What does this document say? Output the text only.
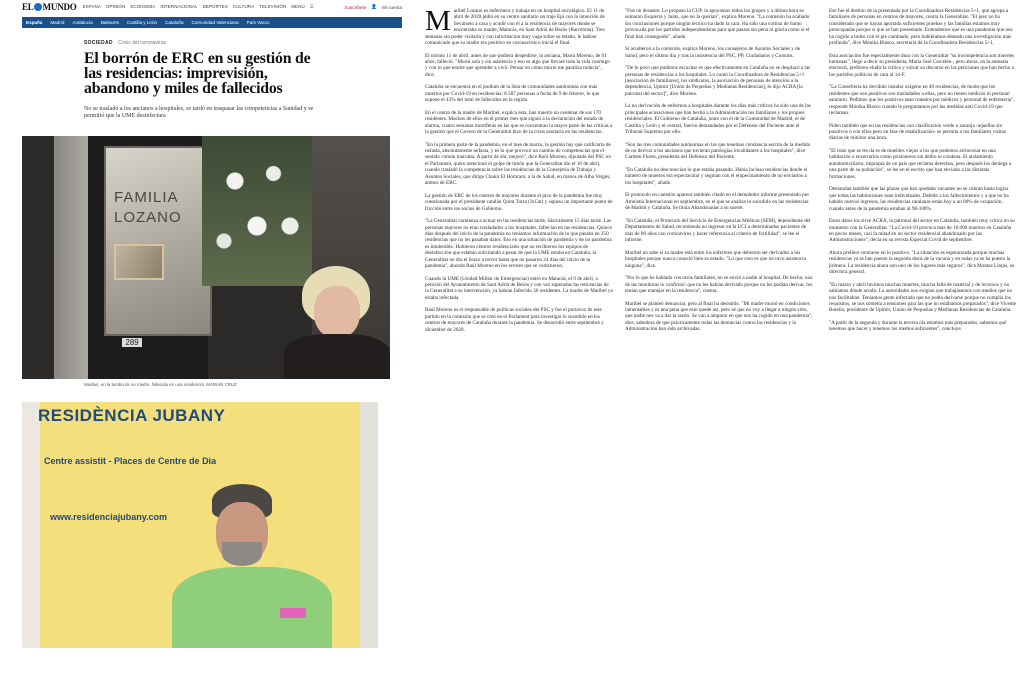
EL MUNDO ESPAÑA OPINIÓN ECONOMÍA INTERNACIONAL DEPORTES CULTURA TELEVISIÓN MENÚ ☰	Suscríbete 👤 Mi cuenta
España Madrid Andalucía Baleares Castilla y León Cataluña Comunidad Valenciana País Vasco
SOCIEDAD Crisis del coronavirus
El borrón de ERC en su gestión de las residencias: imprevisión, abandono y miles de fallecidos

No se trasladó a los ancianos a hospitales, se tardó en traspasar las competencias a Sanidad y se permitió que la UME desinfectara

FAMILIA
LOZANO
289
Maribel, en la tumba de su madre, fallecida en una residencia. MARIAN CRUZ
RESIDÈNCIA JUBANY
Centre assistit - Places de Centre de Dia
www.residenciajubany.com

Maribel Lozano es enfermera y trabaja en un hospital oncológico. El 11 de abril de 2020 pidió en su centro sanitario un traje Epi con la intención de llevárselo a casa y acudir con él a la residencia de mayores donde se encontraba su madre, Matacás, en Sant Adrià de Besòs (Barcelona). Tres semanas sin poder visitarla y con información muy vaga sobre su estado, le habían comunicado que su madre era positivo en coronavirus e iniciá el final.

El mismo 11 de abril, antes de que pudiera despedirse, la anciana, María Moreno, de 91 años, falleció. "Murió sola y sin asistencia y eso es algo que llevaré toda la vida conmigo y con lo que tendré que aprender a vivir. Pensar en cómo murió me paraliza todavía", dice.

Cataluña se encuentra en el podium de la lista de comunidades autónomas con más muertos por Covid-19 en residencias: 8.587 personas a fecha de 9 de febrero, lo que supone el 43% del total de fallecidos en la región.

En el centro de la madre de Maribel, explica ésta, han muerto un centenar de sus 170 residentes. Muchos de ellos en el primer mes que siguió a la declaración del estado de alarma, cuatro semanas mortíferas en las que se concentran la mayor parte de las críticas a la gestión que el Govern de la Generalitat hizo de la crisis sanitaria en las residencias.

"En la primera parte de la pandemia, en el mes de marzo, la gestión hay que calificarla de nefasta, absolutamente nefasta, y es lo que provocó un cambio de competencias que el sentido común marcaba. A partir de ahí, mejoró", dice Raúl Moreno, diputado del PSC en el Parlament, quien mencionó el golpe de timón que la Generalitat dio el 10 de abril, cuando trasladó la competencia sobre las residencias de la Consejería de Trabajo y Asuntos Sociales, que dirige Chakir El Homrani, a la de Salud, en manos de Alba Vergés, ambos de ERC.

La gestión de ERC de los centros de mayores durante el pico de la pandemia fue muy cuestionada por el presidente catalán Quim Torra (JxCat) y supuso un importante punto de fricción entre los socios de Gobierno.

"La Generalitat comienza a actuar en las residencias tarde, básicamente 15 días tarde. Las personas mayores no eran trasladados a los hospitales, fallecían en las residencias. Quince días después del inicio de la pandemia no teníamos información de lo que pasaba en 250 residencias que no les pasaban datos. Eso en una situación de pandemia y de no pandemia es intolerable. Hubieron centros residenciales que no recibieron los equipos de desinfección que estaban solicitando a pesar de que la UME estaba en Cataluña, la Generalitat no dio el brazo a torcer hasta que no pasaron 24 días del inicio de la pandemia", ahonda Raúl Moreno en los errores que se cometieron.

Cuando la UME (Unidad Militar de Emergencias) entró en Matacás, el 9 de abril, a petición del Ayuntamiento de Sant Adrià de Besòs y con vez superadas las reticencias de la Generalitat a su intervención, ya habían fallecido 36 residentes. La madre de Maribel ya estaba infectada.

Raúl Moreno es el responsable de políticas sociales del PSC y fue el portavoz de este partido en la comisión que se creó en el Parlament para investigar lo sucedido en los centros de mayores de Cataluña durante la pandemia. Se desarrolló entre septiembre y diciembre de 2020.

"Fue un desastre. Lo propuso la CUP, la apoyamos todos los grupos y a última hora se sumaron Esquerra y Junts, que no la querían", explica Moreno. "La comisión ha acabado sin conclusiones porque ningún técnico ha dado la cara. Ha sido una cortina de humo provocada por los partidos independentistas para que pasara sin pena ni gloria como si el final han conseguido", añade.

Si acudieron a la comisión, explica Moreno, los consejeros de Asuntos Sociales y de Salud, pero el último día y tras la insistencia del PSC, PP, Ciudadanos y Comuns.

"De lo poco que pudimos escuchar es que efectivamente en Cataluña no se desplazó a las personas de residencias a los hospitales. Lo contó la Coordinadora de Residencias 5+1 [asociación de familiares], los sindicatos, la asociación de personas de atención a la dependencia, Upimir [Unión de Pequeñas y Medianas Residencias], lo dijo ACRA [la patronal del sector]", dice Moreno.

La no derivación de enfermos a hospitales durante los días más críticos ha sido una de las principales acusaciones que han hecho a la Administración los familiares y los propios residenciales. El Gobierno de Cataluña, junto con el de la Comunidad de Madrid, el de Castilla y León y el central, fueron demandados por el Defensor del Paciente ante el Tribunal Supremo por ello.

"Son las tres comunidades autónomas en las que tenemos constancia escrita de la medida de no derivar a los ancianos que tuvieran patologías invalidantes a los hospitales", dice Carmen Flores, presidenta del Defensor del Paciente.

"En Cataluña no desconocían lo que estaba pasando. Había incluso residencias donde el número de muertos era espectacular y seguían con el empecinamiento de no enviarlos a los hospitales", añade.

El protocolo en cuestión aparece también citado en el demoledor informe presentado por Amnistía Internacional en septiembre, en el que se analiza lo sucedido en las residencias de Madrid y Cataluña. Se titula Abandonadas a su suerte.

"En Cataluña, el Protocolo del Servicio de Emergencias Médicas (SEM), dependiente del Departamento de Salud, recomienda no ingresar en la UCI a determinados pacientes de más de 80 años con coronavirus y hacer referencia al criterio de fortilidad", se lee el informe.

Maribel no sabe si su madre está entre los enfermos que debieron ser derivados a los hospitales porque nunca conoció bien su estado. "Lo que creo es que no tuvo asistencia ninguna", dice.

"Por lo que he hablado con otros familiares, no se envió a nadie al hospital. De hecho, una de las monitoras lo confirmó: que no les habían derivado porque no los podían derivar, los tenían que manejar en la residencia", cuenta.

Maribel se planteó denunciar, pero al final ha desistido. "Mi madre murió en condiciones lamentables y es una pena que esto quede así, pero sé que no voy a llegar a ningún sitio, que nadie nos va a dar la razón. Se van a amparar en que nos ha cogido en una pandemia", dice, sabedora de que prácticamente todas las denuncias contra las residencias y la Administración han sido archivadas.

Ese fue el destino de la presentada por la Coordinadora Residencias 5+1, que agrupa a familiares de personas en centros de mayores, contra la Generalitat. "El juez no ha considerado que se hayan aportado suficientes pruebas y las familias estamos muy preocupadas porque sí que se han presentado. Entendemos que es una pandemia que nos ha cogido a todos con el pie cambiado, pero hubiéramos deseado una investigación más profunda", dice Mónika Blasco, secretaria de la Coordinadora Residencias 5+1.

Esta asociación fue especialmente dura con la Generalitat "su incompetencia son muertes humanas", llegó a decir su presidenta, María José Carcelén-, pero ahora, en la antesala electoral, prefieren eludir la crítica y volcar su discurso en las peticiones que han hecho a los partidos políticos de cara al 14-F.

"La Conselleria ha decidido instalar oxígeno en 40 residencias, de modo que los residentes que son positivos son trasladados a ellas, pero no tienen médicos ni personal sanitario. Pedimos que los positivos sean tratados por médicos y personal de enfermería", responde Mónika Blasco cuando le preguntamos por las medidas anti Covid-19 que reclaman.

Piden también que en las residencias con clasificación verde o naranja -aquellas sin positivos o con ellos pero en fase de estabilización- se permita a los familiares visitas diarias de mínimo una hora.

"El trato que se les da es de muebles viejos a los que podemos arrinconar en una habitación o encerrarlos como prisioneros sin delito ni condena. El aislamiento autodomiciliario, impropia de un país que reclama derechos, pero después los deniega a una parte de su población", se lee en el escrito que han enviado a las distintas formaciones.

Demandan también que las plazas que han quedado vacantes no se cubran hasta lograr que todas las habitaciones sean individuales. Debido a los fallecimientos y a que no ha habido nuevos ingresos, las residencias catalanas están hoy a un 80% de ocupación, cuando antes de la pandemia estaban al 98-100%.

Estos datos los sirve ACRA, la patronal del sector en Cataluña, también muy crítica en su momento con la Generalitat. "La Covid-19 provoca más de 16.000 muertos en Cataluña en pocos meses, casi la mitad en un sector residencial abandonado por las Administraciones", decía en su revista Especial Covid de septiembre.

Ahora prefiere centrarse en lo positivo. "La situación es esperanzada porque muchas residencias ya se han puesto la segunda dosis de la vacuna y en todas ya se ha puesto la primera. La residencia ahora son uno de los lugares más seguros", dice Montse Llopis, su directora general.

"En marzo y abril tuvimos muchas muertes, mucha falta de material y de recursos y no sabíamos dónde acudir. La autoridades nos exigían que trabajásemos con medios que no nos facilitaban. Teníamos gente infectada que no podía derivarse porque no cumplía los requisitos, se nos sometía a tensiones para las que no estábamos preparados", dice Vicente Botella, presidente de Upimir, Unión de Pequeñas y Medianas Residencias de Cataluña.

"A partir de la segunda y durante la tercera ola estamos más preparados, sabemos qué tenemos que hacer y tenemos los medios suficientes", concluye.
